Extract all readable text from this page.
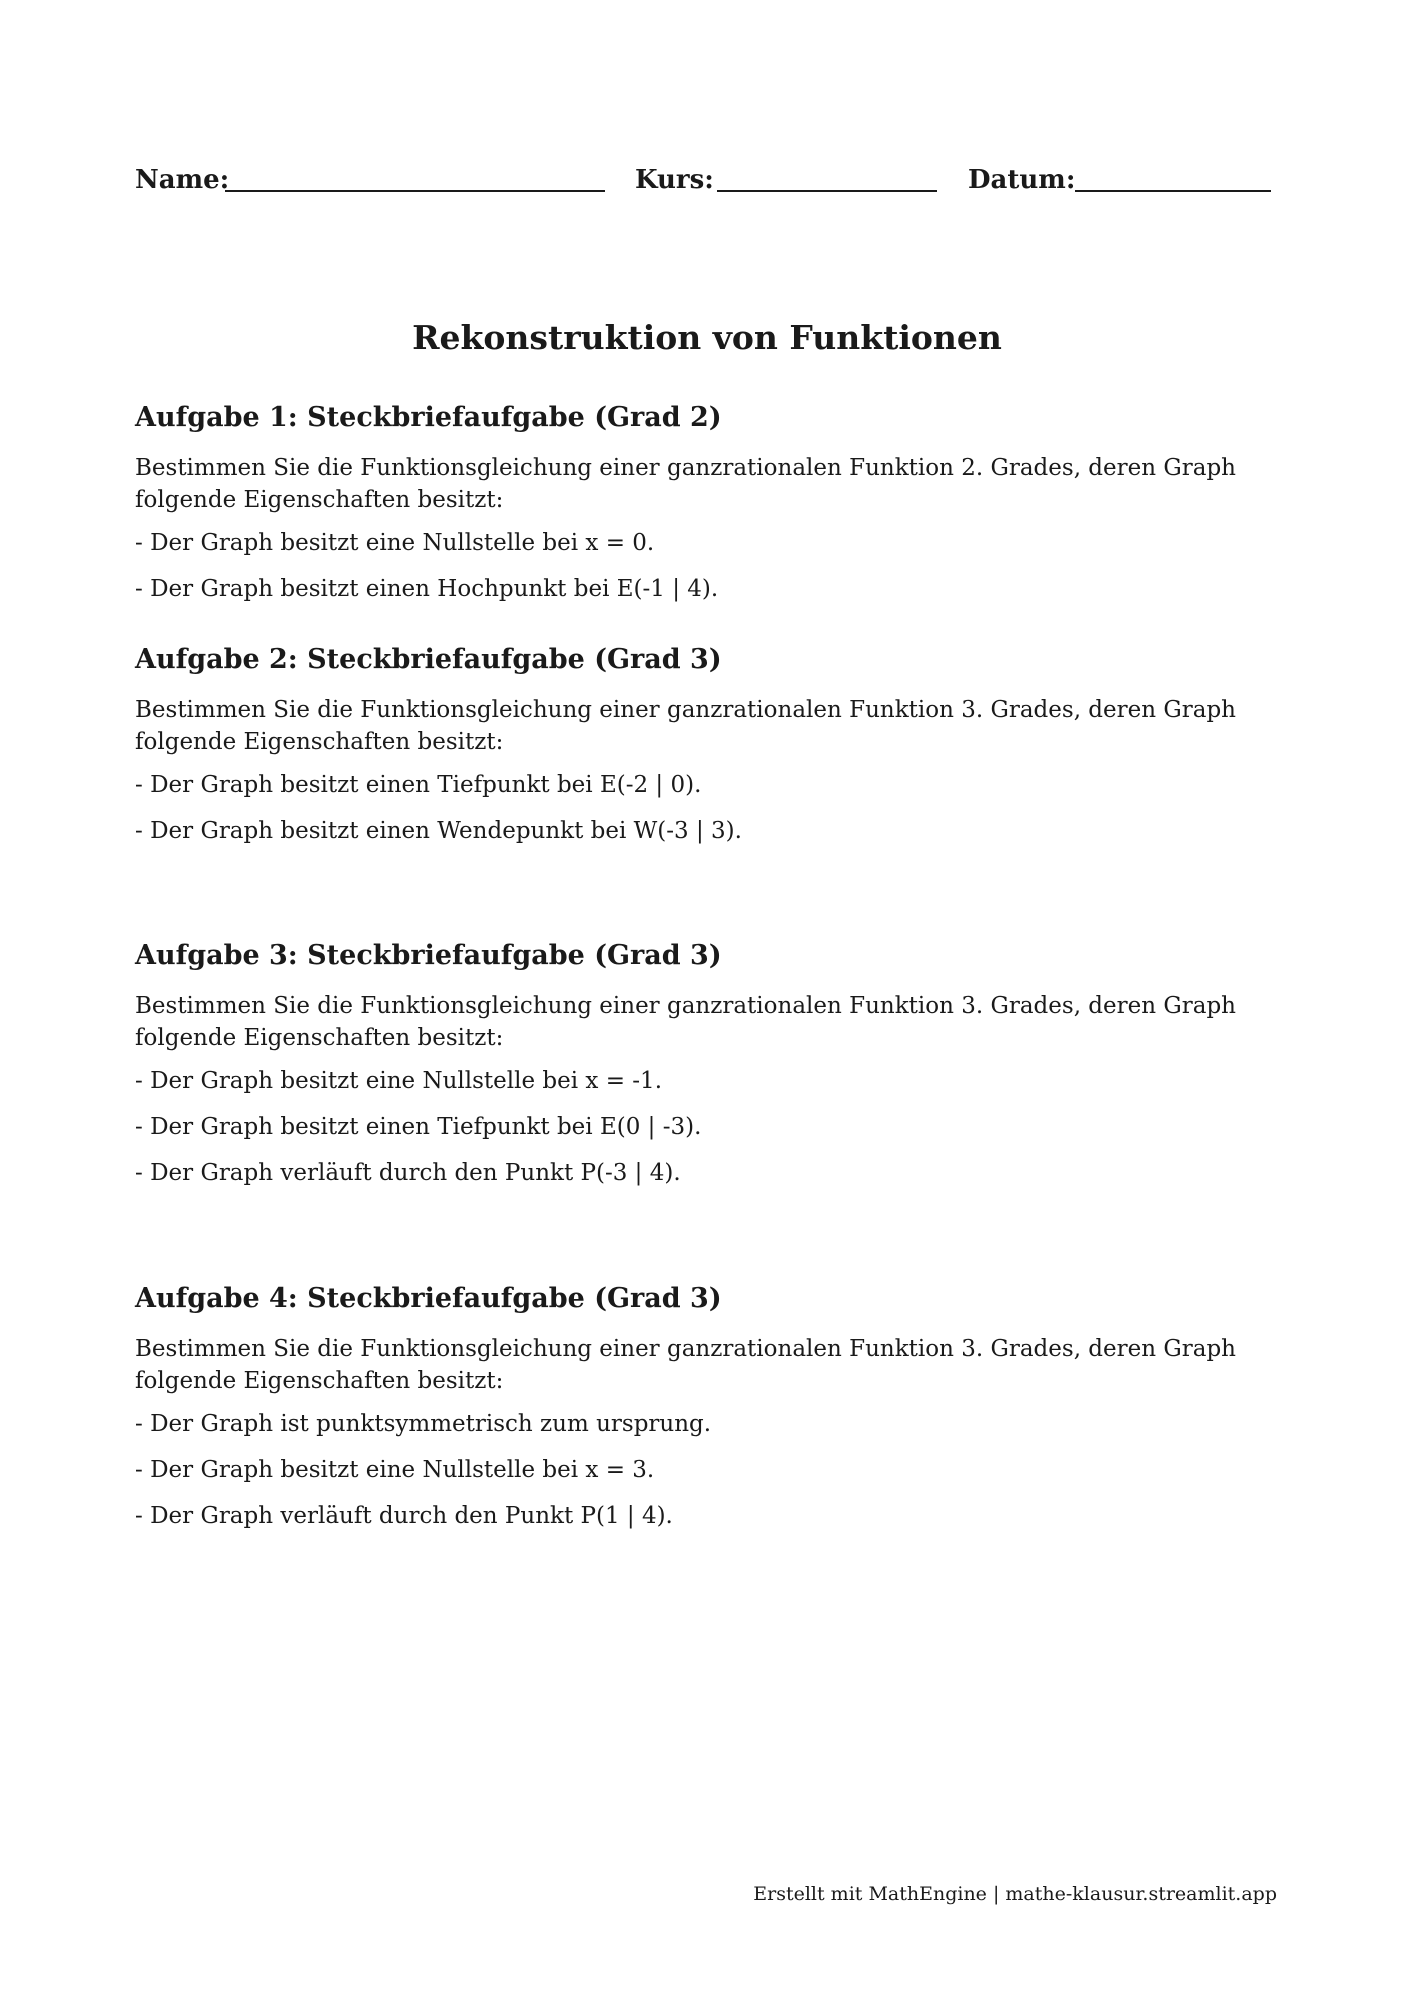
Name:	Kurs:	Datum:
Rekonstruktion von Funktionen
Aufgabe 1: Steckbriefaufgabe (Grad 2)

Bestimmen Sie die Funktionsgleichung einer ganzrationalen Funktion 2. Grades, deren Graph folgende Eigenschaften besitzt:

- Der Graph besitzt eine Nullstelle bei x = 0.

- Der Graph besitzt einen Hochpunkt bei E(-1 | 4).

Aufgabe 2: Steckbriefaufgabe (Grad 3)

Bestimmen Sie die Funktionsgleichung einer ganzrationalen Funktion 3. Grades, deren Graph folgende Eigenschaften besitzt:

- Der Graph besitzt einen Tiefpunkt bei E(-2 | 0).

- Der Graph besitzt einen Wendepunkt bei W(-3 | 3).

Aufgabe 3: Steckbriefaufgabe (Grad 3)

Bestimmen Sie die Funktionsgleichung einer ganzrationalen Funktion 3. Grades, deren Graph folgende Eigenschaften besitzt:

- Der Graph besitzt eine Nullstelle bei x = -1.

- Der Graph besitzt einen Tiefpunkt bei E(0 | -3).

- Der Graph verläuft durch den Punkt P(-3 | 4).

Aufgabe 4: Steckbriefaufgabe (Grad 3)

Bestimmen Sie die Funktionsgleichung einer ganzrationalen Funktion 3. Grades, deren Graph folgende Eigenschaften besitzt:

- Der Graph ist punktsymmetrisch zum ursprung.

- Der Graph besitzt eine Nullstelle bei x = 3.

- Der Graph verläuft durch den Punkt P(1 | 4).

Erstellt mit MathEngine | mathe-klausur.streamlit.app
